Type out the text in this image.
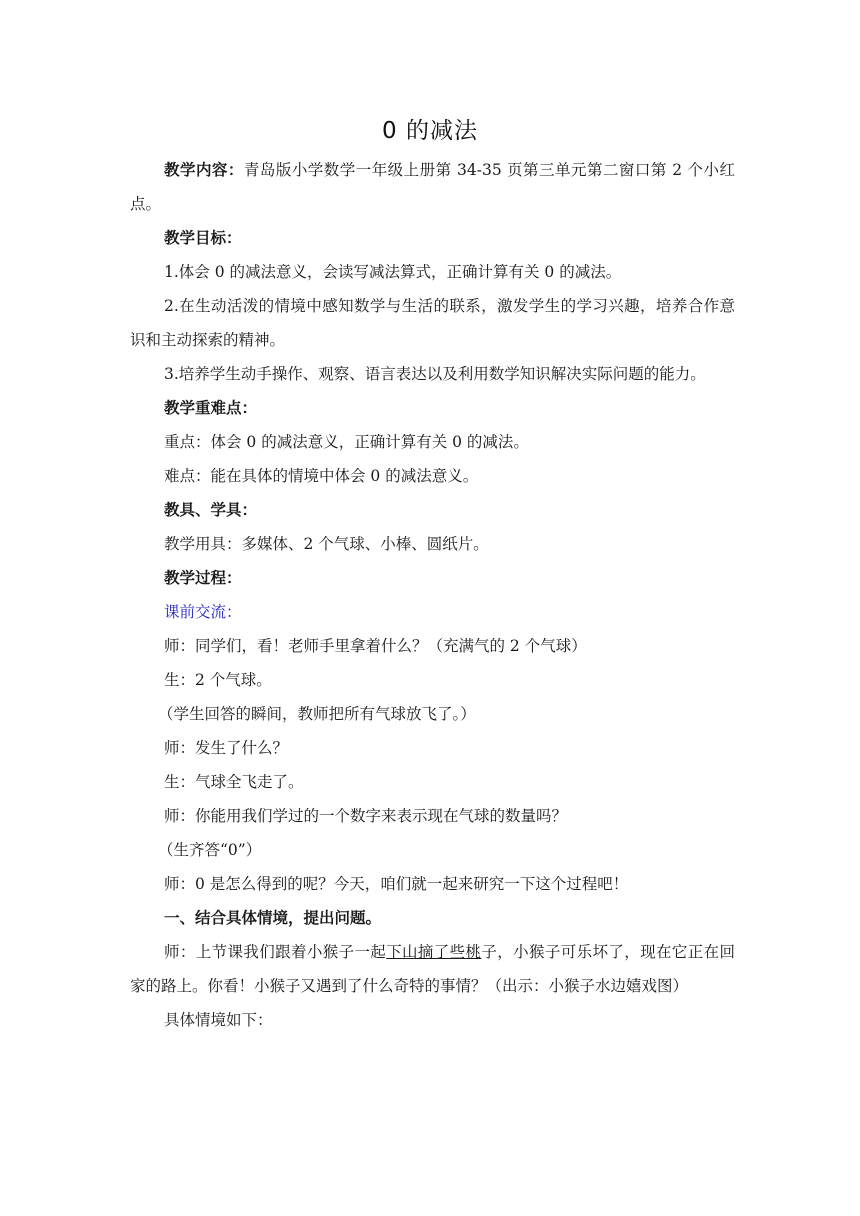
0 的减法

教学内容：青岛版小学数学一年级上册第 34-35 页第三单元第二窗口第 2 个小红点。

教学目标：

1.体会 0 的减法意义，会读写减法算式，正确计算有关 0 的减法。

2.在生动活泼的情境中感知数学与生活的联系，激发学生的学习兴趣，培养合作意识和主动探索的精神。

3.培养学生动手操作、观察、语言表达以及利用数学知识解决实际问题的能力。

教学重难点：

重点：体会 0 的减法意义，正确计算有关 0 的减法。

难点：能在具体的情境中体会 0 的减法意义。

教具、学具：

教学用具：多媒体、2 个气球、小棒、圆纸片。

教学过程：

课前交流：

师：同学们，看！老师手里拿着什么？（充满气的 2 个气球）

生：2 个气球。

（学生回答的瞬间，教师把所有气球放飞了。）

师：发生了什么？

生：气球全飞走了。

师：你能用我们学过的一个数字来表示现在气球的数量吗？

（生齐答“0”）

师：0 是怎么得到的呢？今天，咱们就一起来研究一下这个过程吧！

一、结合具体情境，提出问题。

师：上节课我们跟着小猴子一起下山摘了些桃子，小猴子可乐坏了，现在它正在回家的路上。你看！小猴子又遇到了什么奇特的事情？（出示：小猴子水边嬉戏图）

具体情境如下：
